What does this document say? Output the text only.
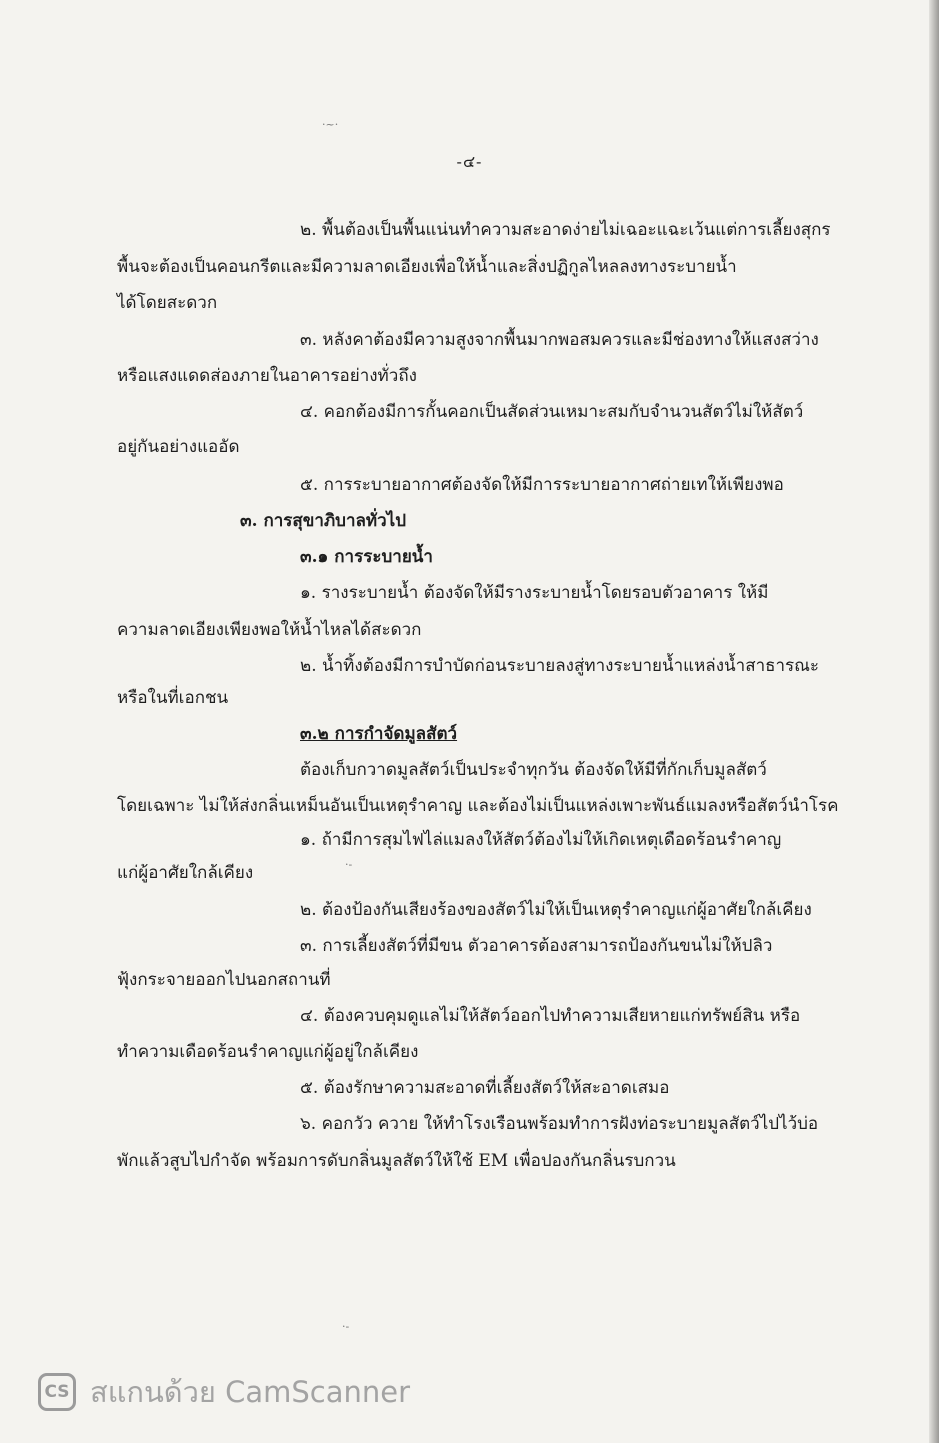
-๔-
·~·
·-
·-
๒. พื้นต้องเป็นพื้นแน่นทำความสะอาดง่ายไม่เฉอะแฉะเว้นแต่การเลี้ยงสุกร
พื้นจะต้องเป็นคอนกรีตและมีความลาดเอียงเพื่อให้น้ำและสิ่งปฏิกูลไหลลงทางระบายน้ำ
ได้โดยสะดวก
๓. หลังคาต้องมีความสูงจากพื้นมากพอสมควรและมีช่องทางให้แสงสว่าง
หรือแสงแดดส่องภายในอาคารอย่างทั่วถึง
๔. คอกต้องมีการกั้นคอกเป็นสัดส่วนเหมาะสมกับจำนวนสัตว์ไม่ให้สัตว์
อยู่กันอย่างแออัด
๕. การระบายอากาศต้องจัดให้มีการระบายอากาศถ่ายเทให้เพียงพอ
๓. การสุขาภิบาลทั่วไป
๓.๑ การระบายน้ำ
๑. รางระบายน้ำ ต้องจัดให้มีรางระบายน้ำโดยรอบตัวอาคาร ให้มี
ความลาดเอียงเพียงพอให้น้ำไหลได้สะดวก
๒. น้ำทิ้งต้องมีการบำบัดก่อนระบายลงสู่ทางระบายน้ำแหล่งน้ำสาธารณะ
หรือในที่เอกชน
๓.๒ การกำจัดมูลสัตว์
ต้องเก็บกวาดมูลสัตว์เป็นประจำทุกวัน ต้องจัดให้มีที่กักเก็บมูลสัตว์
โดยเฉพาะ ไม่ให้ส่งกลิ่นเหม็นอันเป็นเหตุรำคาญ และต้องไม่เป็นแหล่งเพาะพันธ์แมลงหรือสัตว์นำโรค
๑. ถ้ามีการสุมไฟไล่แมลงให้สัตว์ต้องไม่ให้เกิดเหตุเดือดร้อนรำคาญ
แก่ผู้อาศัยใกล้เคียง
๒. ต้องป้องกันเสียงร้องของสัตว์ไม่ให้เป็นเหตุรำคาญแก่ผู้อาศัยใกล้เคียง
๓. การเลี้ยงสัตว์ที่มีขน ตัวอาคารต้องสามารถป้องกันขนไม่ให้ปลิว
ฟุ้งกระจายออกไปนอกสถานที่
๔. ต้องควบคุมดูแลไม่ให้สัตว์ออกไปทำความเสียหายแก่ทรัพย์สิน หรือ
ทำความเดือดร้อนรำคาญแก่ผู้อยู่ใกล้เคียง
๕. ต้องรักษาความสะอาดที่เลี้ยงสัตว์ให้สะอาดเสมอ
๖. คอกวัว ควาย ให้ทำโรงเรือนพร้อมทำการฝังท่อระบายมูลสัตว์ไปไว้บ่อ
พักแล้วสูบไปกำจัด พร้อมการดับกลิ่นมูลสัตว์ให้ใช้ EM เพื่อปองกันกลิ่นรบกวน
CS สแกนด้วย CamScanner
